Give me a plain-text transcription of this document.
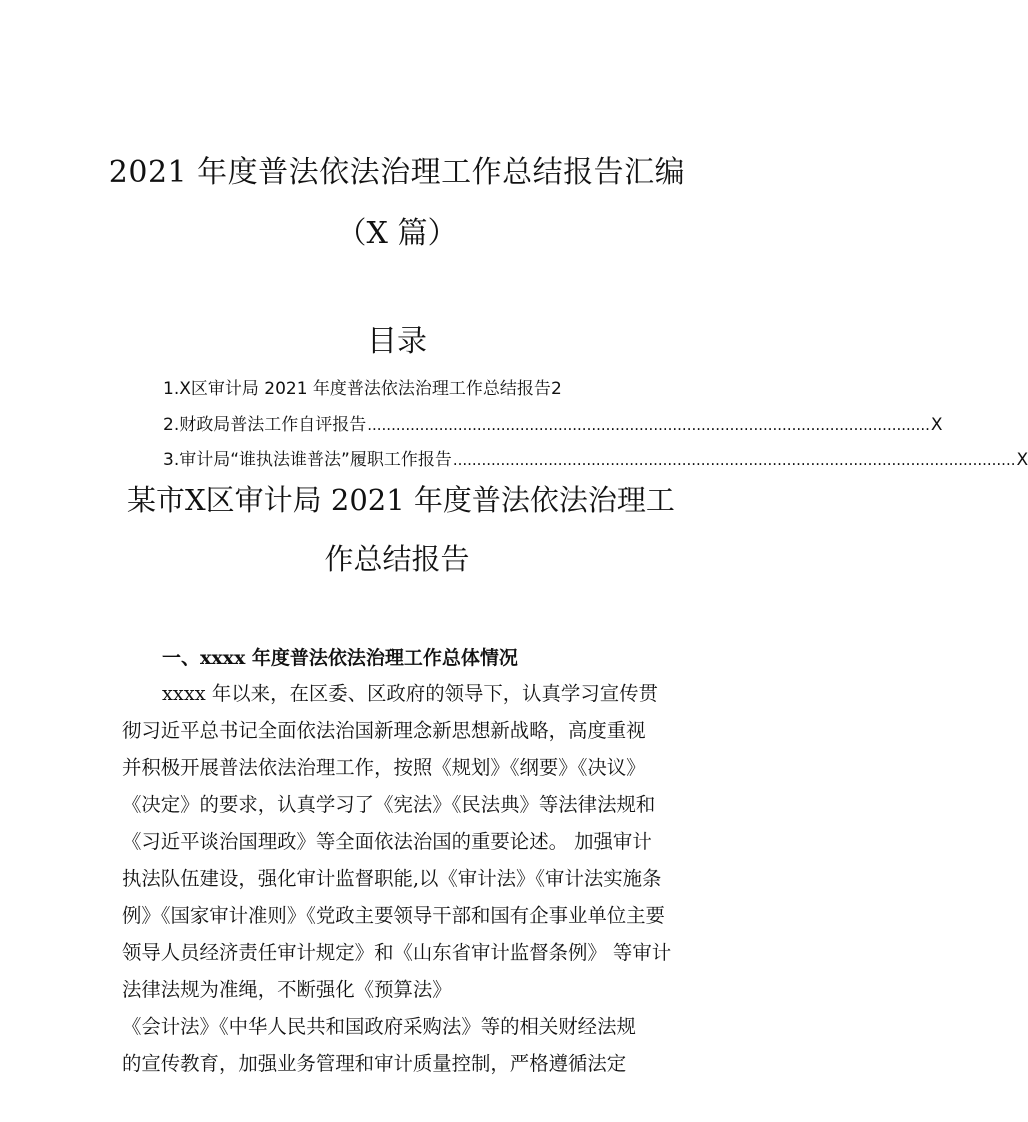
2021 年度普法依法治理工作总结报告汇编
（X 篇）
目录
1.X区审计局 2021 年度普法依法治理工作总结报告 2
2.财政局普法工作自评报告 ...................................................................................................................... X
3.审计局“谁执法谁普法”履职工作报告 ...................................................................................................................... X
某市X区审计局 2021 年度普法依法治理工
作总结报告
一、xxxx 年度普法依法治理工作总体情况
xxxx 年以来，在区委、区政府的领导下，认真学习宣传贯
彻习近平总书记全面依法治国新理念新思想新战略，高度重视
并积极开展普法依法治理工作，按照《规划》《纲要》《决议》
《决定》的要求，认真学习了《宪法》《民法典》等法律法规和
《习近平谈治国理政》等全面依法治国的重要论述。 加强审计
执法队伍建设，强化审计监督职能,以《审计法》《审计法实施条
例》《国家审计准则》《党政主要领导干部和国有企事业单位主要
领导人员经济责任审计规定》和《山东省审计监督条例》 等审计
法律法规为准绳，不断强化《预算法》
《会计法》《中华人民共和国政府采购法》等的相关财经法规
的宣传教育，加强业务管理和审计质量控制，严格遵循法定
